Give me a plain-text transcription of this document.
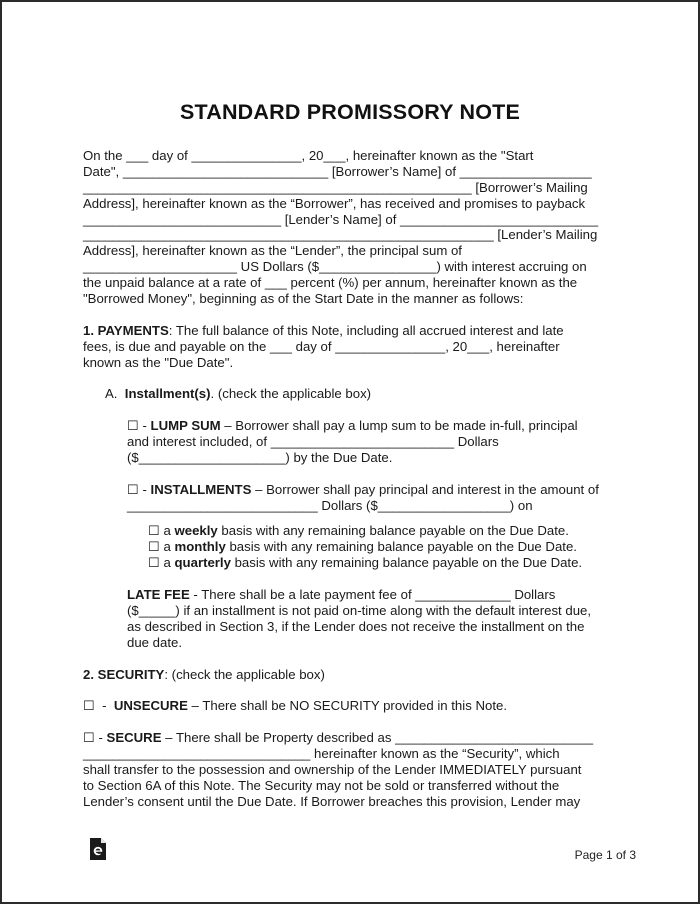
STANDARD PROMISSORY NOTE
On the ___ day of _______________, 20___, hereinafter known as the "Start
Date", ____________________________ [Borrower’s Name] of __________________
_____________________________________________________ [Borrower’s Mailing
Address], hereinafter known as the “Borrower”, has received and promises to payback
___________________________ [Lender’s Name] of ___________________________
________________________________________________________ [Lender’s Mailing
Address], hereinafter known as the “Lender”, the principal sum of
_____________________ US Dollars ($________________) with interest accruing on
the unpaid balance at a rate of ___ percent (%) per annum, hereinafter known as the
"Borrowed Money", beginning as of the Start Date in the manner as follows:
1. PAYMENTS: The full balance of this Note, including all accrued interest and late
fees, is due and payable on the ___ day of _______________, 20___, hereinafter
known as the "Due Date".
A.  Installment(s). (check the applicable box)
☐ - LUMP SUM – Borrower shall pay a lump sum to be made in-full, principal
and interest included, of _________________________ Dollars
($____________________) by the Due Date.
☐ - INSTALLMENTS – Borrower shall pay principal and interest in the amount of
__________________________ Dollars ($__________________) on
☐ a weekly basis with any remaining balance payable on the Due Date.
☐ a monthly basis with any remaining balance payable on the Due Date.
☐ a quarterly basis with any remaining balance payable on the Due Date.
LATE FEE - There shall be a late payment fee of _____________ Dollars
($_____) if an installment is not paid on-time along with the default interest due,
as described in Section 3, if the Lender does not receive the installment on the
due date.
2. SECURITY: (check the applicable box)
☐  -  UNSECURE – There shall be NO SECURITY provided in this Note.
☐ - SECURE – There shall be Property described as ___________________________
_______________________________ hereinafter known as the “Security”, which
shall transfer to the possession and ownership of the Lender IMMEDIATELY pursuant
to Section 6A of this Note. The Security may not be sold or transferred without the
Lender’s consent until the Due Date. If Borrower breaches this provision, Lender may
Page 1 of 3
